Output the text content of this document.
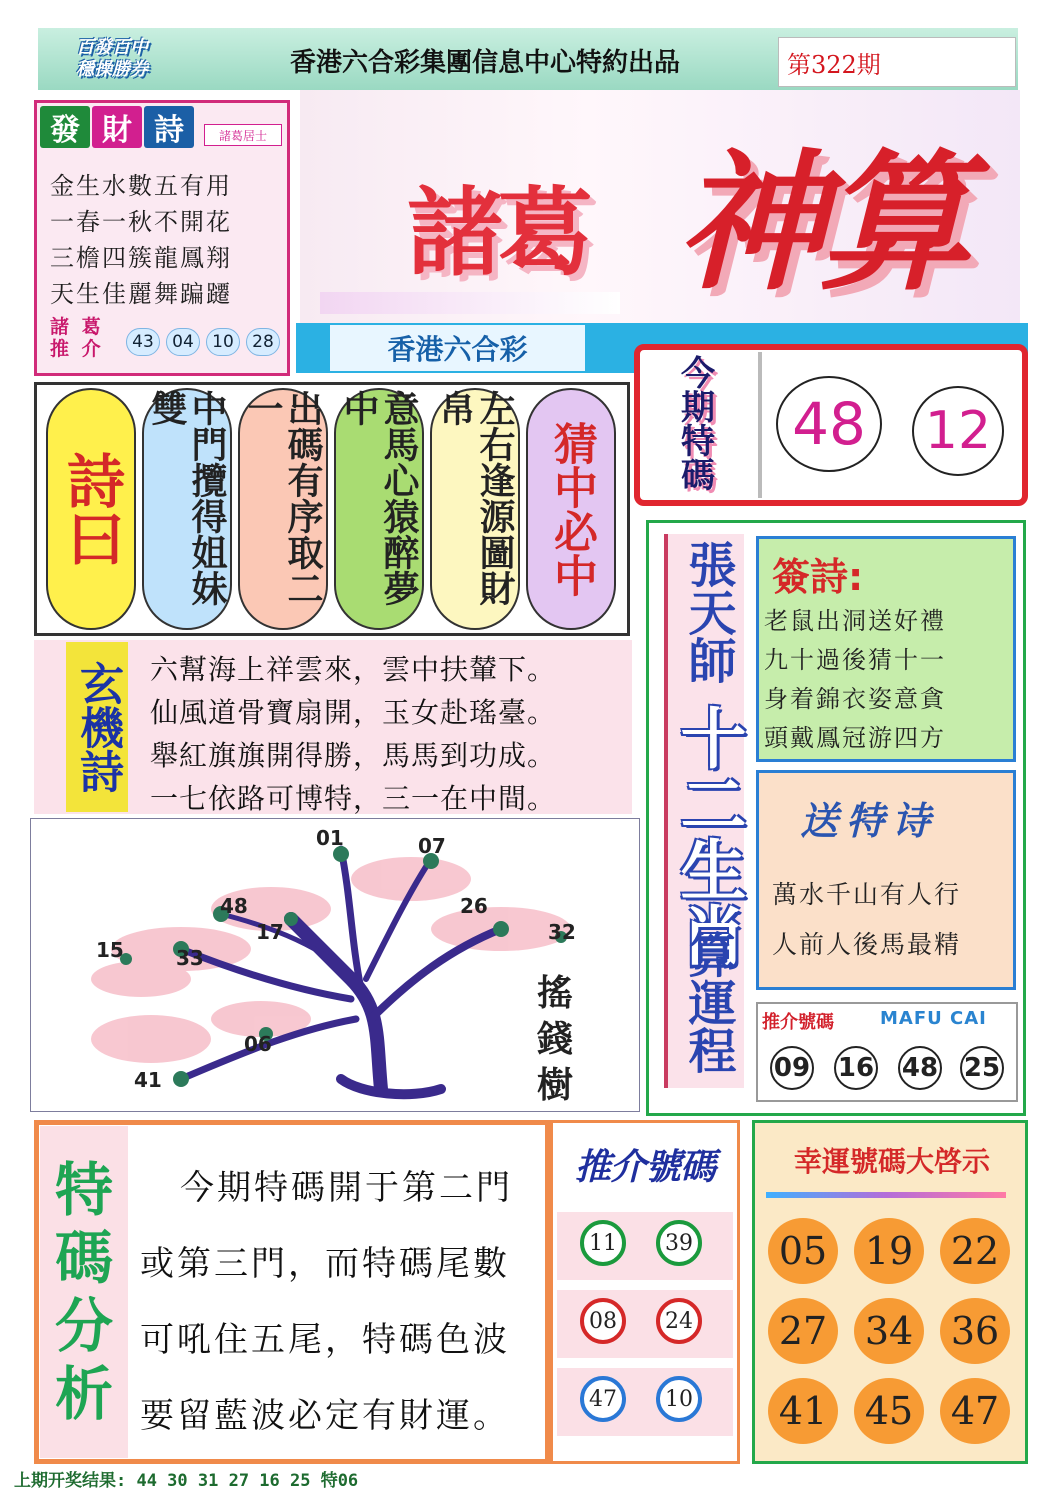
百發百中
穩操勝券	香港六合彩集團信息中心特約出品	第322期
發 財 詩	諸葛居士
金生水數五有用
一春一秋不開花
三檐四簇龍鳳翔
天生佳麗舞蹁躚
諸 葛
推 介	43	04	10	28
諸葛 神算
香港六合彩
今
期
特
碼
48	12
詩曰	中門攬得姐妹雙	出碼有序取二一	意馬心猿醉夢中	左右逢源圖財帛
猜中必中
玄機詩 六幫海上祥雲來，雲中扶輦下。
仙風道骨寶扇開，玉女赴瑤臺。
舉紅旗旗開得勝，馬馬到功成。
一七依路可博特，三一在中間。
01	07
48
17
26
32
15	33
06
41
搖
錢
樹
張天師
十二生肖
算運程
簽詩:
老鼠出洞送好禮
九十過後猜十一
身着錦衣姿意貪
頭戴鳳冠游四方
送特诗
萬水千山有人行
人前人後馬最精
推介號碼	MAFU CAI
09 16 48 25
特
碼
分
析
今期特碼開于第二門
或第三門，而特碼尾數
可吼住五尾，特碼色波
要留藍波必定有財運。
推介號碼
11	39
08	24
47	10
幸運號碼大啓示
05 19 22
27 34 36
41 45 47
上期开奖结果: 44 30 31 27 16 25 特06
